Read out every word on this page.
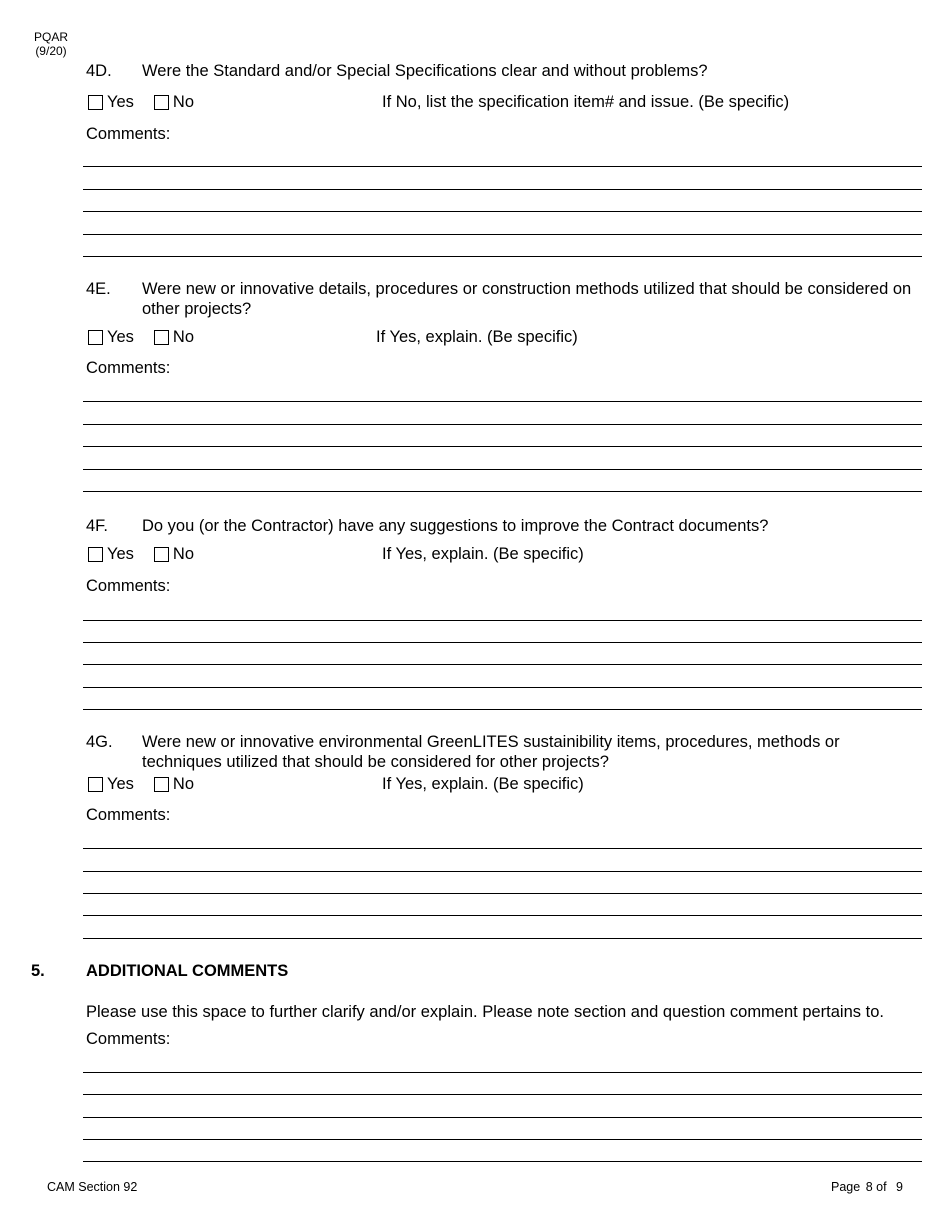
PQAR
(9/20)
4D. Were the Standard and/or Special Specifications clear and without problems?
Yes No	If No, list the specification item# and issue. (Be specific)
Comments:
4E. Were new or innovative details, procedures or construction methods utilized that should be considered on other projects?
Yes No	If Yes, explain. (Be specific)
Comments:
4F. Do you (or the Contractor) have any suggestions to improve the Contract documents?
Yes No	If Yes, explain. (Be specific)
Comments:
4G. Were new or innovative environmental GreenLITES sustainibility items, procedures, methods or techniques utilized that should be considered for other projects?
Yes No	If Yes, explain. (Be specific)
Comments:
5. ADDITIONAL COMMENTS
Please use this space to further clarify and/or explain. Please note section and question comment pertains to.
Comments:
CAM Section 92	Page 8 of 9
